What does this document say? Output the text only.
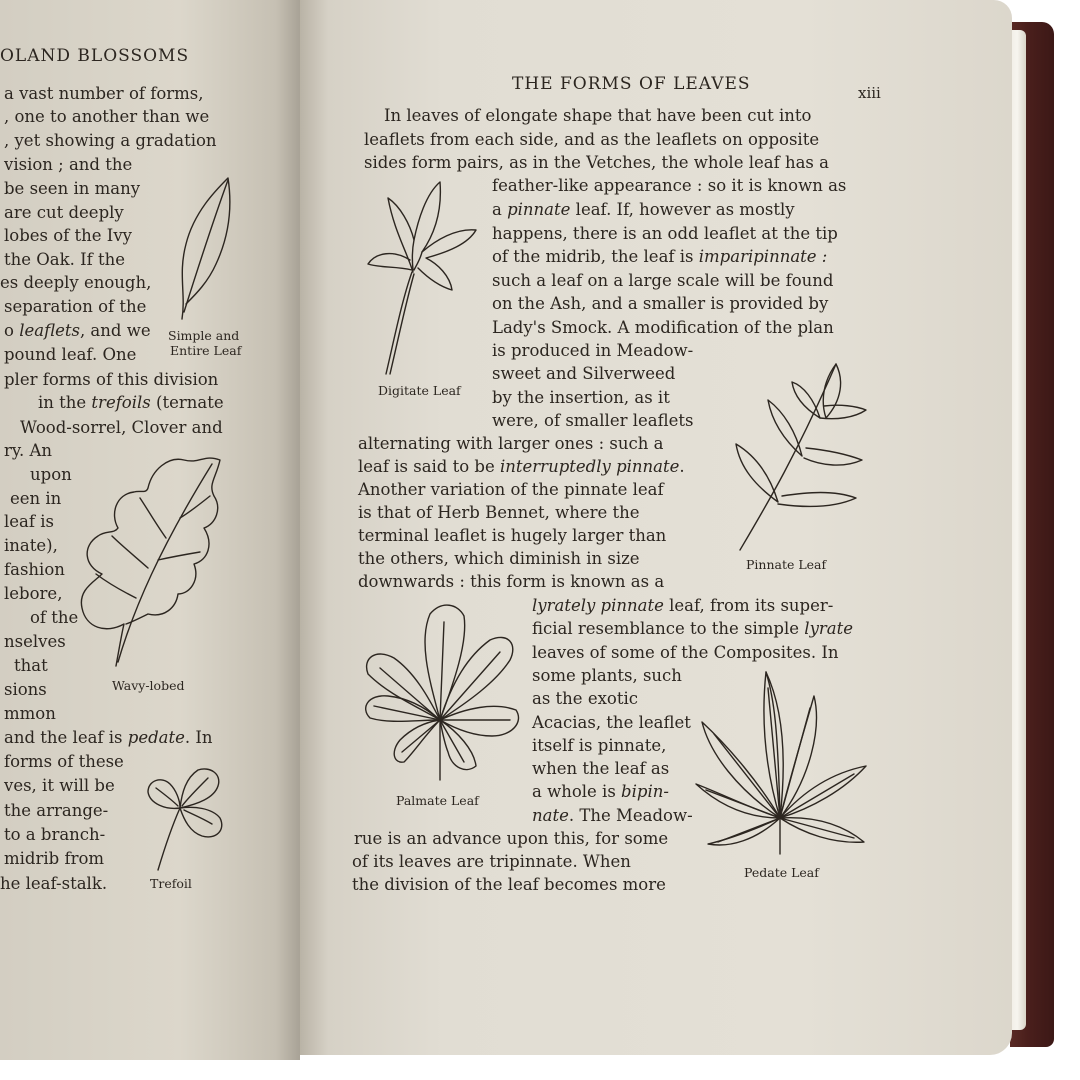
OLAND BLOSSOMS
a vast number of forms,
, one to another than we
, yet showing a gradation
vision ; and the
be seen in many
are cut deeply
lobes of the Ivy
the Oak. If the
es deeply enough,
separation of the
o leaflets, and we
pound leaf. One
pler forms of this division
in the trefoils (ternate
Wood-sorrel, Clover and
ry. An
upon
een in
leaf is
inate),
fashion
lebore,
of the
nselves
that
sions
mmon
and the leaf is pedate. In
forms of these
ves, it will be
the arrange-
to a branch-
midrib from
he leaf-stalk.
Simple and
Entire Leaf
Wavy-lobed
Trefoil
THE FORMS OF LEAVES	xiii
In leaves of elongate shape that have been cut into
leaflets from each side, and as the leaflets on opposite
sides form pairs, as in the Vetches, the whole leaf has a
feather-like appearance : so it is known as
a pinnate leaf. If, however as mostly
happens, there is an odd leaflet at the tip
of the midrib, the leaf is imparipinnate :
such a leaf on a large scale will be found
on the Ash, and a smaller is provided by
Lady's Smock. A modification of the plan
is produced in Meadow-
sweet and Silverweed
by the insertion, as it
were, of smaller leaflets
alternating with larger ones : such a
leaf is said to be interruptedly pinnate.
Another variation of the pinnate leaf
is that of Herb Bennet, where the
terminal leaflet is hugely larger than
the others, which diminish in size
downwards : this form is known as a
lyrately pinnate leaf, from its super-
ficial resemblance to the simple lyrate
leaves of some of the Composites. In
some plants, such
as the exotic
Acacias, the leaflet
itself is pinnate,
when the leaf as
a whole is bipin-
nate. The Meadow-
rue is an advance upon this, for some
of its leaves are tripinnate. When
the division of the leaf becomes more
Digitate Leaf
Pinnate Leaf
Palmate Leaf
Pedate Leaf
